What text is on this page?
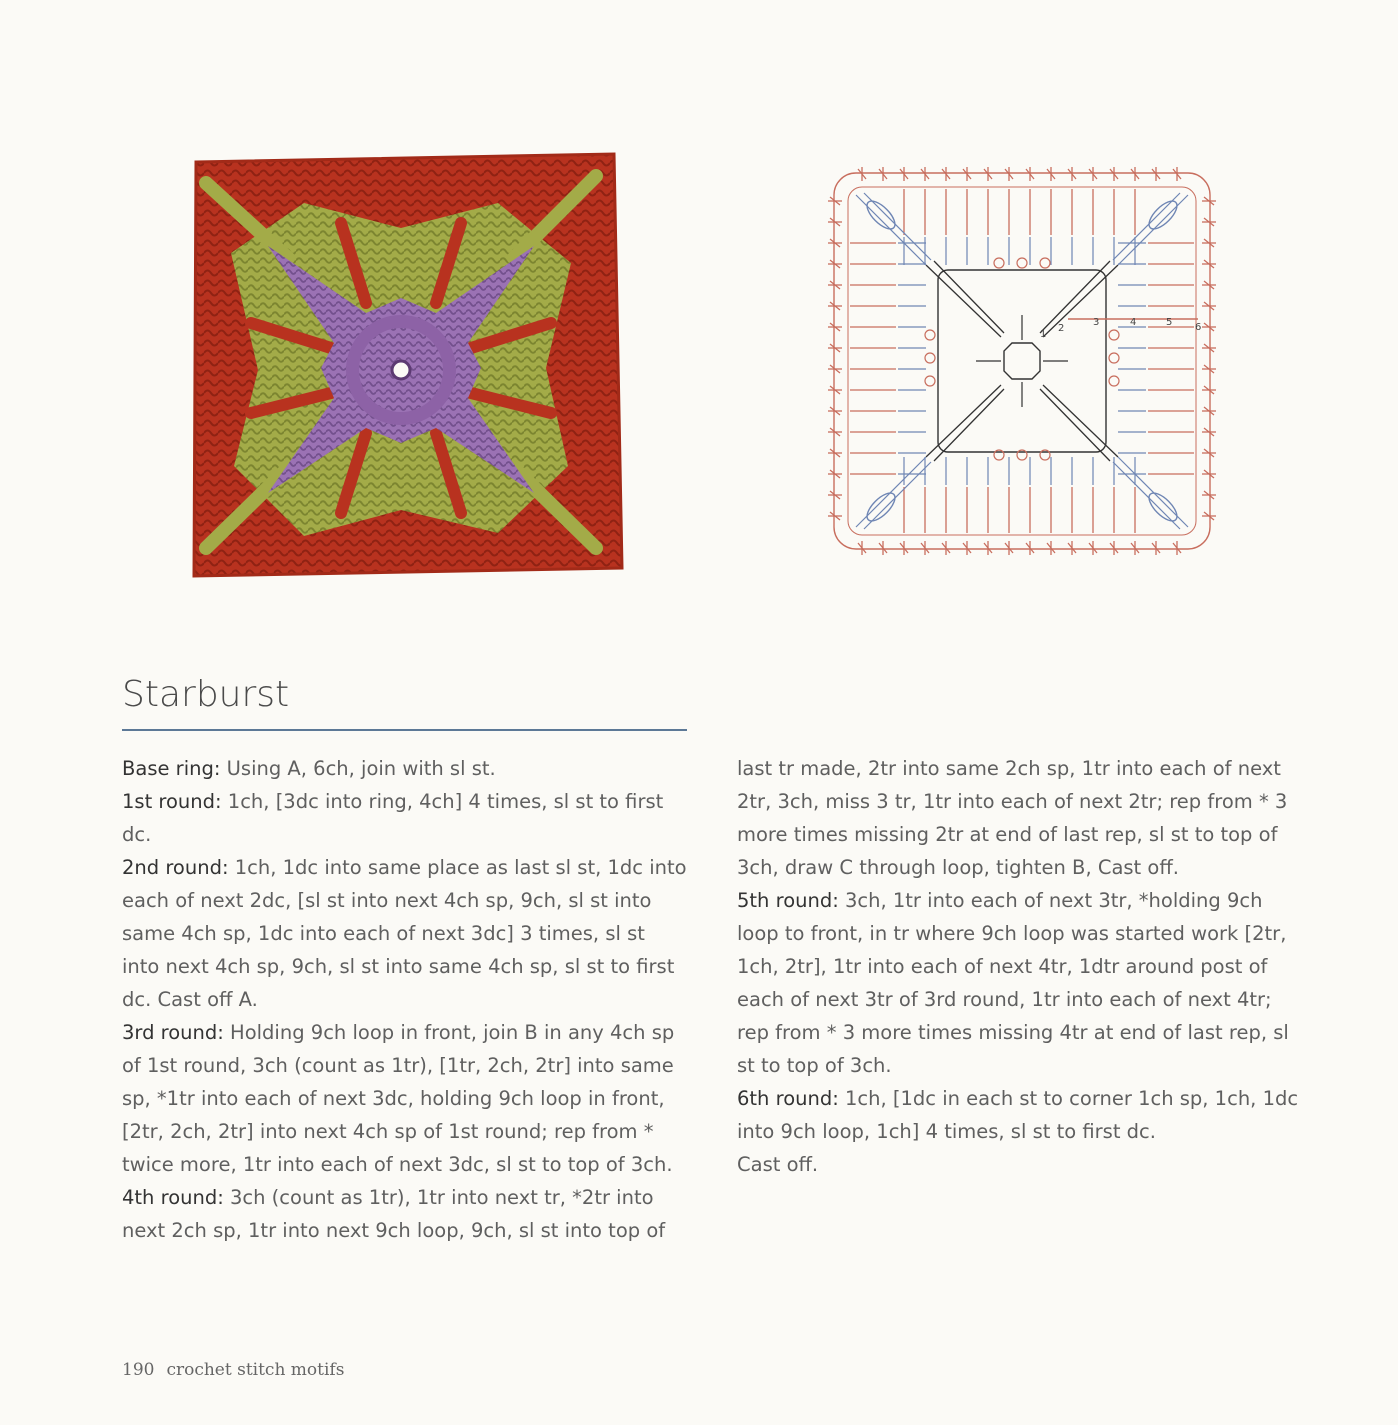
1
2
3	4	5 6
Starburst

Base ring: Using A, 6ch, join with sl st.

1st round: 1ch, [3dc into ring, 4ch] 4 times, sl st to first dc.

2nd round: 1ch, 1dc into same place as last sl st, 1dc into each of next 2dc, [sl st into next 4ch sp, 9ch, sl st into same 4ch sp, 1dc into each of next 3dc] 3 times, sl st into next 4ch sp, 9ch, sl st into same 4ch sp, sl st to first dc. Cast off A.

3rd round: Holding 9ch loop in front, join B in any 4ch sp of 1st round, 3ch (count as 1tr), [1tr, 2ch, 2tr] into same sp, *1tr into each of next 3dc, holding 9ch loop in front, [2tr, 2ch, 2tr] into next 4ch sp of 1st round; rep from * twice more, 1tr into each of next 3dc, sl st to top of 3ch.

4th round: 3ch (count as 1tr), 1tr into next tr, *2tr into next 2ch sp, 1tr into next 9ch loop, 9ch, sl st into top of

last tr made, 2tr into same 2ch sp, 1tr into each of next 2tr, 3ch, miss 3 tr, 1tr into each of next 2tr; rep from * 3 more times missing 2tr at end of last rep, sl st to top of 3ch, draw C through loop, tighten B, Cast off.

5th round: 3ch, 1tr into each of next 3tr, *holding 9ch loop to front, in tr where 9ch loop was started work [2tr, 1ch, 2tr], 1tr into each of next 4tr, 1dtr around post of each of next 3tr of 3rd round, 1tr into each of next 4tr; rep from * 3 more times missing 4tr at end of last rep, sl st to top of 3ch.

6th round: 1ch, [1dc in each st to corner 1ch sp, 1ch, 1dc into 9ch loop, 1ch] 4 times, sl st to first dc.

Cast off.

190 crochet stitch motifs
